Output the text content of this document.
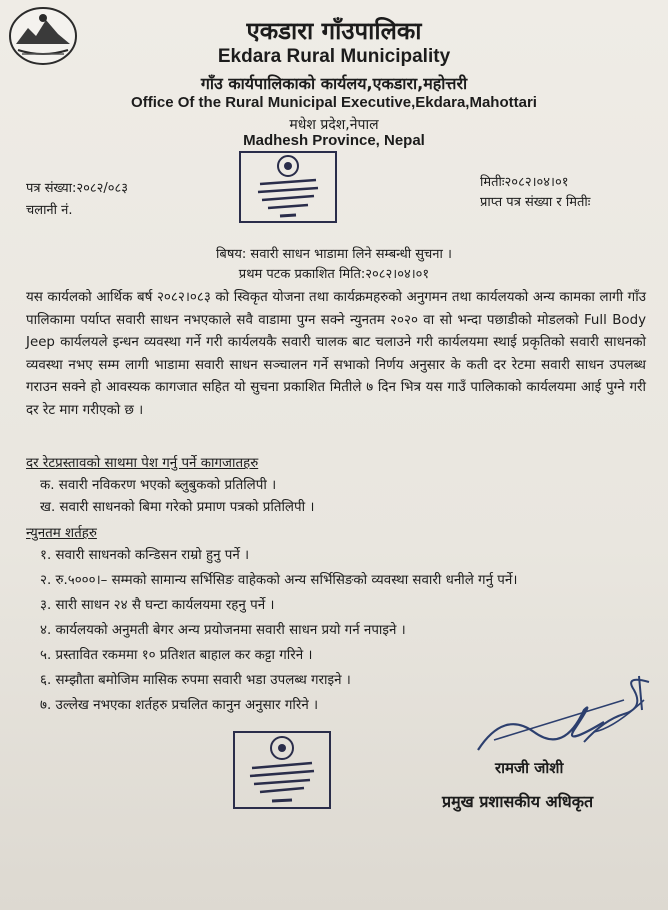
एकडारा गाँउपालिका
Ekdara Rural Municipality
गाँउ कार्यपालिकाको कार्यलय,एकडारा,महोत्तरी
Office Of the Rural Municipal Executive,Ekdara,Mahottari
मधेश प्रदेश,नेपाल
Madhesh Province, Nepal
पत्र संख्या:२०८२/०८३
चलानी नं.
मितीः२०८२।०४।०१
प्राप्त पत्र संख्या र मितीः
बिषय: सवारी साधन भाडामा लिने सम्बन्धी सुचना ।
प्रथम पटक प्रकाशित मिति:२०८२।०४।०१
यस कार्यलको आर्थिक बर्ष २०८२।०८३ को स्विकृत योजना तथा कार्यक्रमहरुको अनुगमन तथा कार्यलयको अन्य कामका लागी गाँउ पालिकामा पर्याप्त सवारी साधन नभएकाले सवै वाडामा पुग्न सक्ने न्युनतम २०२० वा सो भन्दा पछाडीको मोडलको Full Body Jeep कार्यलयले इन्धन व्यवस्था गर्ने गरी कार्यलयकै सवारी चालक बाट चलाउने गरी कार्यलयमा स्थाई प्रकृतिको सवारी साधनको व्यवस्था नभए सम्म लागी भाडामा सवारी साधन सञ्चालन गर्ने सभाको निर्णय अनुसार के कती दर रेटमा सवारी साधन उपलब्ध गराउन सक्ने हो आवस्यक कागजात सहित यो सुचना प्रकाशित मितीले ७ दिन भित्र यस गाउँ पालिकाको कार्यलयमा आई पुग्ने गरी दर रेट माग गरीएको छ ।
दर रेटप्रस्तावको साथमा पेश गर्नु पर्ने कागजातहरु
क. सवारी नविकरण भएको ब्लुबुकको प्रतिलिपी ।
ख. सवारी साधनको बिमा गरेको प्रमाण पत्रको प्रतिलिपी ।
न्युनतम शर्तहरु
१. सवारी साधनको कन्डिसन राम्रो हुनु पर्ने ।
२. रु.५०००।– सम्मको सामान्य सर्भिसिङ वाहेकको अन्य सर्भिसिङको व्यवस्था सवारी धनीले गर्नु पर्ने।
३. सारी साधन २४ सै घन्टा कार्यलयमा रहनु पर्ने ।
४. कार्यलयको अनुमती बेगर अन्य प्रयोजनमा सवारी साधन प्रयो गर्न नपाइने ।
५. प्रस्तावित रकममा १० प्रतिशत बाहाल कर कट्टा गरिने ।
६. सम्झौता बमोजिम मासिक रुपमा सवारी भडा उपलब्ध गराइने ।
७. उल्लेख नभएका शर्तहरु प्रचलित कानुन अनुसार गरिने ।
रामजी जोशी
प्रमुख प्रशासकीय अधिकृत
